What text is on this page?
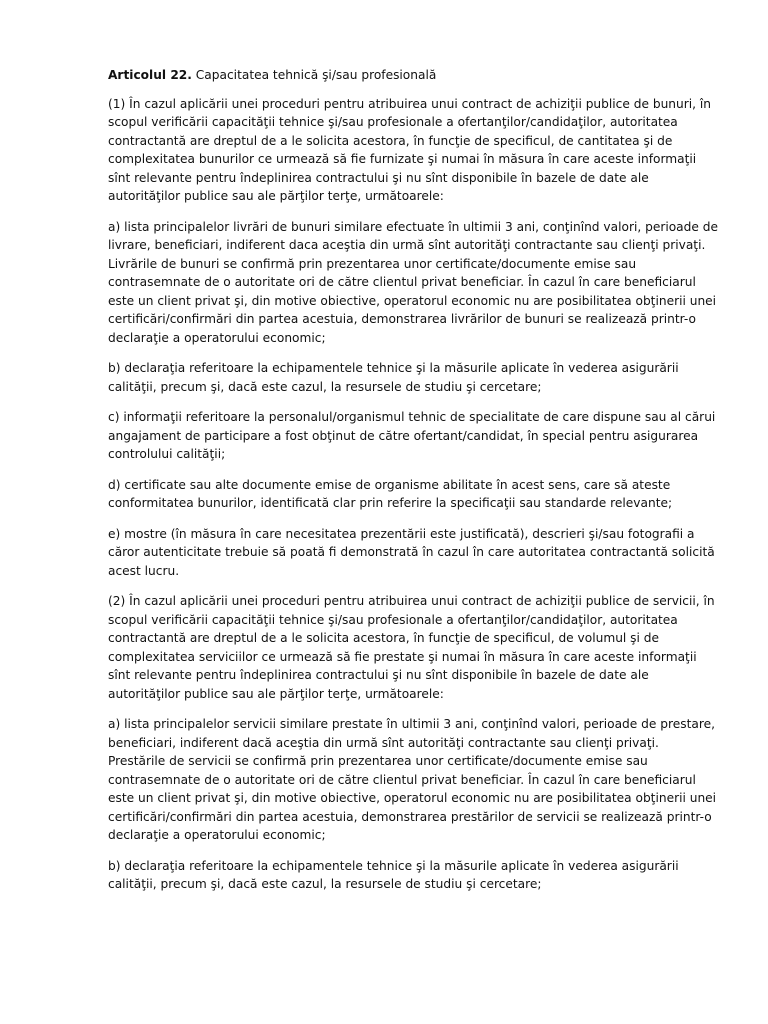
Articolul 22. Capacitatea tehnică şi/sau profesională

(1) În cazul aplicării unei proceduri pentru atribuirea unui contract de achiziţii publice de bunuri, în scopul verificării capacităţii tehnice şi/sau profesionale a ofertanţilor/candidaţilor, autoritatea contractantă are dreptul de a le solicita acestora, în funcţie de specificul, de cantitatea şi de complexitatea bunurilor ce urmează să fie furnizate şi numai în măsura în care aceste informaţii sînt relevante pentru îndeplinirea contractului şi nu sînt disponibile în bazele de date ale autorităţilor publice sau ale părţilor terţe, următoarele:

a) lista principalelor livrări de bunuri similare efectuate în ultimii 3 ani, conţinînd valori, perioade de livrare, beneficiari, indiferent daca aceştia din urmă sînt autorităţi contractante sau clienţi privaţi. Livrările de bunuri se confirmă prin prezentarea unor certificate/documente emise sau contrasemnate de o autoritate ori de către clientul privat beneficiar. În cazul în care beneficiarul este un client privat şi, din motive obiective, operatorul economic nu are posibilitatea obţinerii unei certificări/confirmări din partea acestuia, demonstrarea livrărilor de bunuri se realizează printr-o declaraţie a operatorului economic;

b) declaraţia referitoare la echipamentele tehnice şi la măsurile aplicate în vederea asigurării calităţii, precum şi, dacă este cazul, la resursele de studiu şi cercetare;

c) informaţii referitoare la personalul/organismul tehnic de specialitate de care dispune sau al cărui angajament de participare a fost obţinut de către ofertant/candidat, în special pentru asigurarea controlului calităţii;

d) certificate sau alte documente emise de organisme abilitate în acest sens, care să ateste conformitatea bunurilor, identificată clar prin referire la specificaţii sau standarde relevante;

e) mostre (în măsura în care necesitatea prezentării este justificată), descrieri şi/sau fotografii a căror autenticitate trebuie să poată fi demonstrată în cazul în care autoritatea contractantă solicită acest lucru.

(2) În cazul aplicării unei proceduri pentru atribuirea unui contract de achiziţii publice de servicii, în scopul verificării capacităţii tehnice şi/sau profesionale a ofertanţilor/candidaţilor, autoritatea contractantă are dreptul de a le solicita acestora, în funcţie de specificul, de volumul şi de complexitatea serviciilor ce urmează să fie prestate şi numai în măsura în care aceste informaţii sînt relevante pentru îndeplinirea contractului şi nu sînt disponibile în bazele de date ale autorităţilor publice sau ale părţilor terţe, următoarele:

a) lista principalelor servicii similare prestate în ultimii 3 ani, conţinînd valori, perioade de prestare, beneficiari, indiferent dacă aceştia din urmă sînt autorităţi contractante sau clienţi privaţi. Prestările de servicii se confirmă prin prezentarea unor certificate/documente emise sau contrasemnate de o autoritate ori de către clientul privat beneficiar. În cazul în care beneficiarul este un client privat şi, din motive obiective, operatorul economic nu are posibilitatea obţinerii unei certificări/confirmări din partea acestuia, demonstrarea prestărilor de servicii se realizează printr-o declaraţie a operatorului economic;

b) declaraţia referitoare la echipamentele tehnice şi la măsurile aplicate în vederea asigurării calităţii, precum şi, dacă este cazul, la resursele de studiu şi cercetare;
